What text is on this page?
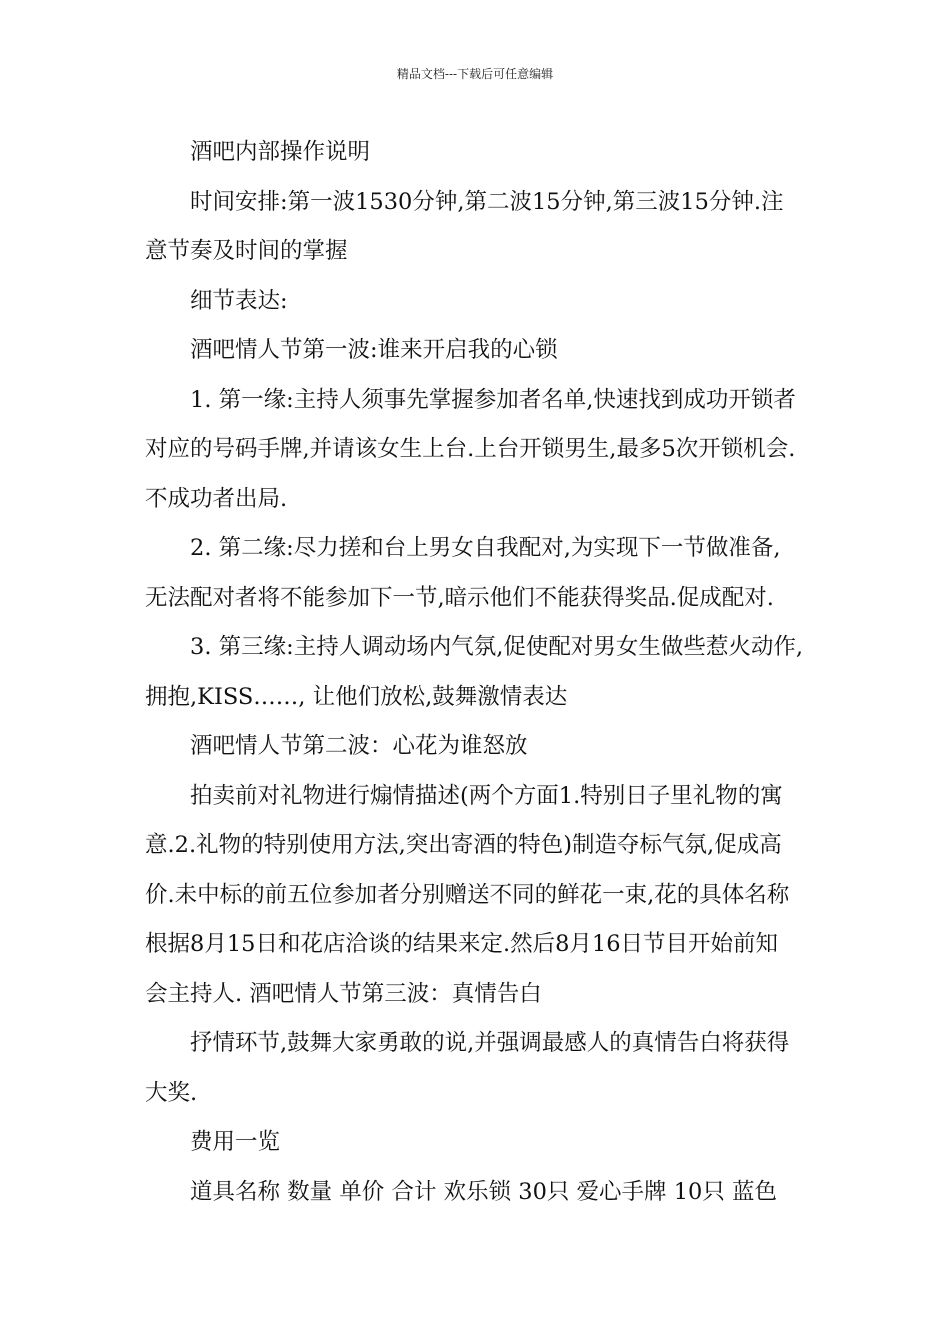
精品文档---下载后可任意编辑

酒吧内部操作说明

时间安排:第一波1530分钟,第二波15分钟,第三波15分钟.注
意节奏及时间的掌握

细节表达:

酒吧情人节第一波:谁来开启我的心锁

1. 第一缘:主持人须事先掌握参加者名单,快速找到成功开锁者
对应的号码手牌,并请该女生上台.上台开锁男生,最多5次开锁机会.
不成功者出局.

2. 第二缘:尽力搓和台上男女自我配对,为实现下一节做准备,
无法配对者将不能参加下一节,暗示他们不能获得奖品.促成配对.

3. 第三缘:主持人调动场内气氛,促使配对男女生做些惹火动作,
拥抱,KISS……, 让他们放松,鼓舞激情表达

酒吧情人节第二波：心花为谁怒放

拍卖前对礼物进行煽情描述(两个方面1.特别日子里礼物的寓
意.2.礼物的特别使用方法,突出寄酒的特色)制造夺标气氛,促成高
价.未中标的前五位参加者分别赠送不同的鲜花一束,花的具体名称
根据8月15日和花店洽谈的结果来定.然后8月16日节目开始前知
会主持人. 酒吧情人节第三波：真情告白

抒情环节,鼓舞大家勇敢的说,并强调最感人的真情告白将获得
大奖.

费用一览

道具名称 数量 单价 合计 欢乐锁 30只 爱心手牌 10只 蓝色
